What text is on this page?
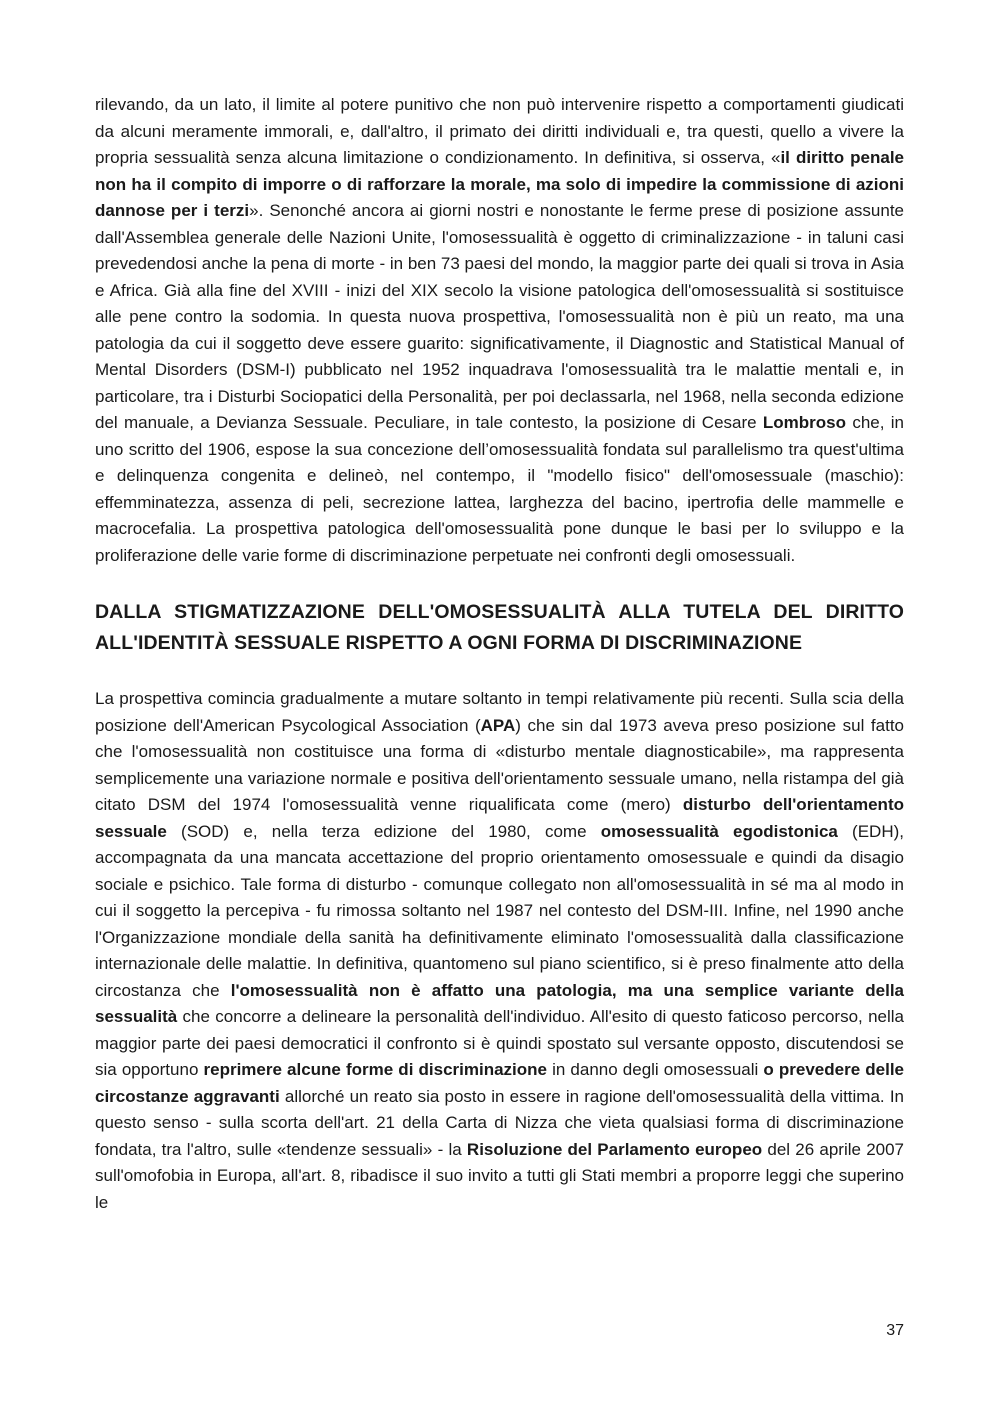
rilevando, da un lato, il limite al potere punitivo che non può intervenire rispetto a comportamenti giudicati da alcuni meramente immorali, e, dall'altro, il primato dei diritti individuali e, tra questi, quello a vivere la propria sessualità senza alcuna limitazione o condizionamento. In definitiva, si osserva, «il diritto penale non ha il compito di imporre o di rafforzare la morale, ma solo di impedire la commissione di azioni dannose per i terzi». Senonché ancora ai giorni nostri e nonostante le ferme prese di posizione assunte dall'Assemblea generale delle Nazioni Unite, l'omosessualità è oggetto di criminalizzazione - in taluni casi prevedendosi anche la pena di morte - in ben 73 paesi del mondo, la maggior parte dei quali si trova in Asia e Africa. Già alla fine del XVIII - inizi del XIX secolo la visione patologica dell'omosessualità si sostituisce alle pene contro la sodomia. In questa nuova prospettiva, l'omosessualità non è più un reato, ma una patologia da cui il soggetto deve essere guarito: significativamente, il Diagnostic and Statistical Manual of Mental Disorders (DSM-I) pubblicato nel 1952 inquadrava l'omosessualità tra le malattie mentali e, in particolare, tra i Disturbi Sociopatici della Personalità, per poi declassarla, nel 1968, nella seconda edizione del manuale, a Devianza Sessuale. Peculiare, in tale contesto, la posizione di Cesare Lombroso che, in uno scritto del 1906, espose la sua concezione dell’omosessualità fondata sul parallelismo tra quest'ultima e delinquenza congenita e delineò, nel contempo, il "modello fisico" dell'omosessuale (maschio): effemminatezza, assenza di peli, secrezione lattea, larghezza del bacino, ipertrofia delle mammelle e macrocefalia. La prospettiva patologica dell'omosessualità pone dunque le basi per lo sviluppo e la proliferazione delle varie forme di discriminazione perpetuate nei confronti degli omosessuali.

DALLA STIGMATIZZAZIONE DELL'OMOSESSUALITÀ ALLA TUTELA DEL DIRITTO ALL'IDENTITÀ SESSUALE RISPETTO A OGNI FORMA DI DISCRIMINAZIONE

La prospettiva comincia gradualmente a mutare soltanto in tempi relativamente più recenti. Sulla scia della posizione dell'American Psycological Association (APA) che sin dal 1973 aveva preso posizione sul fatto che l'omosessualità non costituisce una forma di «disturbo mentale diagnosticabile», ma rappresenta semplicemente una variazione normale e positiva dell'orientamento sessuale umano, nella ristampa del già citato DSM del 1974 l'omosessualità venne riqualificata come (mero) disturbo dell'orientamento sessuale (SOD) e, nella terza edizione del 1980, come omosessualità egodistonica (EDH), accompagnata da una mancata accettazione del proprio orientamento omosessuale e quindi da disagio sociale e psichico. Tale forma di disturbo - comunque collegato non all'omosessualità in sé ma al modo in cui il soggetto la percepiva - fu rimossa soltanto nel 1987 nel contesto del DSM-III. Infine, nel 1990 anche l'Organizzazione mondiale della sanità ha definitivamente eliminato l'omosessualità dalla classificazione internazionale delle malattie. In definitiva, quantomeno sul piano scientifico, si è preso finalmente atto della circostanza che l'omosessualità non è affatto una patologia, ma una semplice variante della sessualità che concorre a delineare la personalità dell'individuo. All'esito di questo faticoso percorso, nella maggior parte dei paesi democratici il confronto si è quindi spostato sul versante opposto, discutendosi se sia opportuno reprimere alcune forme di discriminazione in danno degli omosessuali o prevedere delle circostanze aggravanti allorché un reato sia posto in essere in ragione dell'omosessualità della vittima. In questo senso - sulla scorta dell'art. 21 della Carta di Nizza che vieta qualsiasi forma di discriminazione fondata, tra l'altro, sulle «tendenze sessuali» - la Risoluzione del Parlamento europeo del 26 aprile 2007 sull'omofobia in Europa, all'art. 8, ribadisce il suo invito a tutti gli Stati membri a proporre leggi che superino le

37
